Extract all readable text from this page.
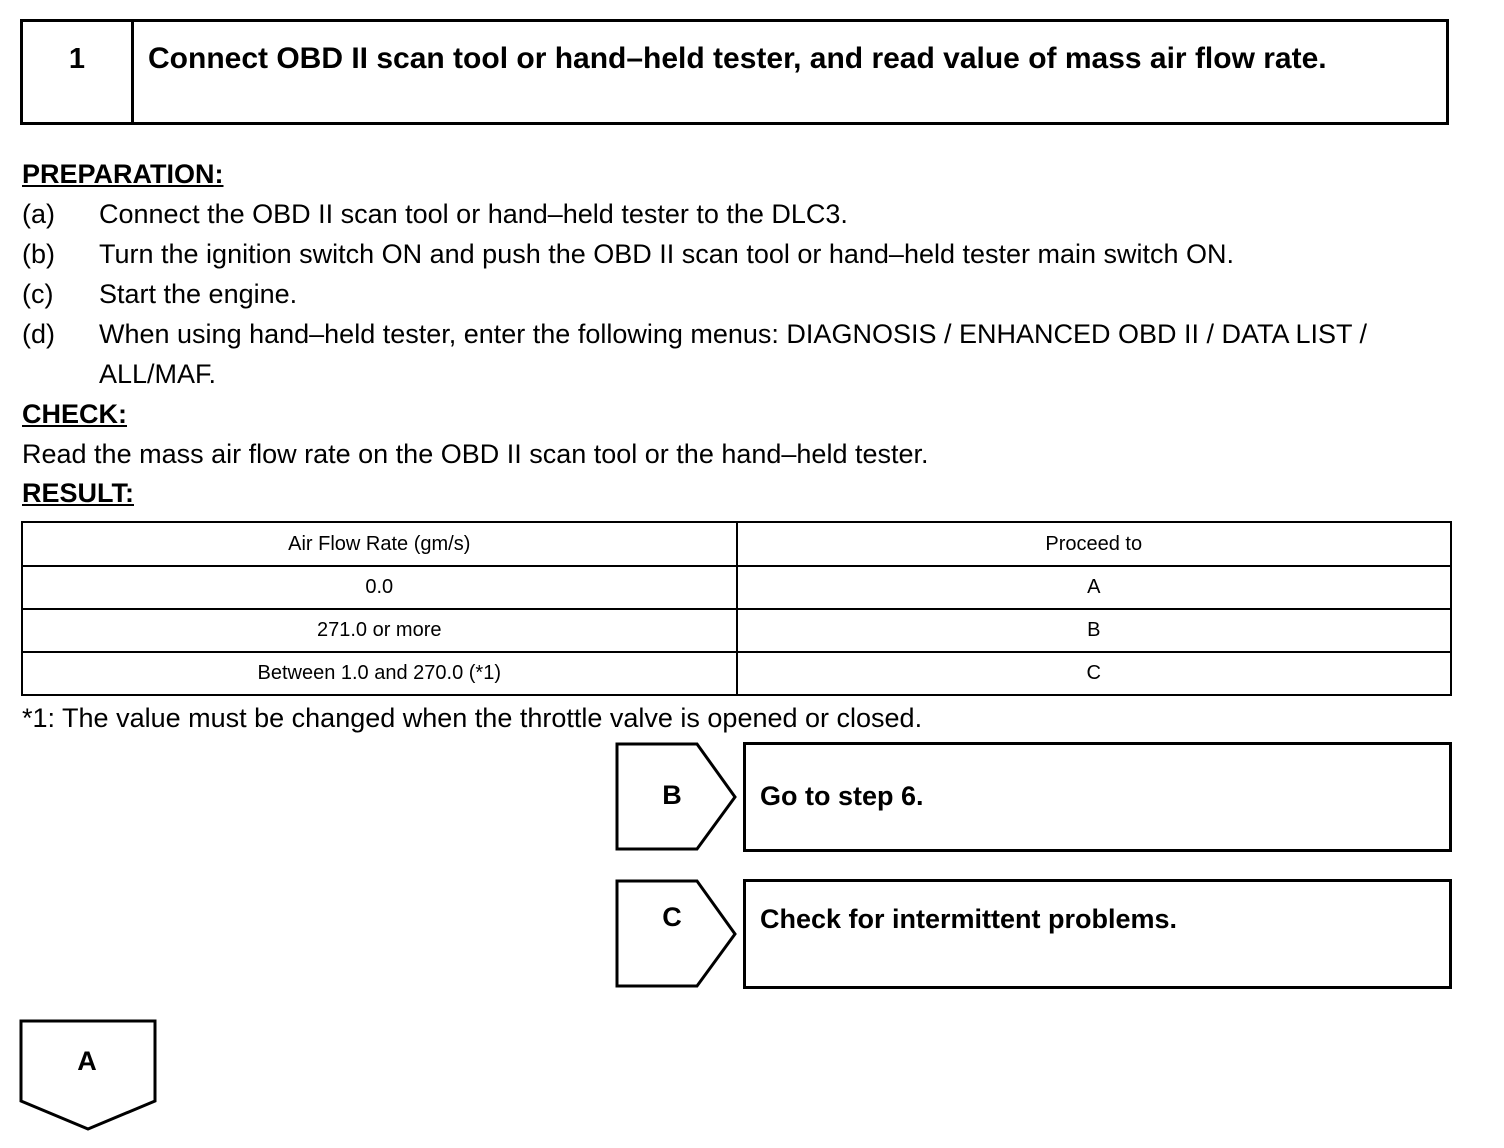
1	Connect OBD II scan tool or hand–held tester, and read value of mass air flow rate.
PREPARATION:
(a) Connect the OBD II scan tool or hand–held tester to the DLC3.
(b) Turn the ignition switch ON and push the OBD II scan tool or hand–held tester main switch ON.
(c) Start the engine.
(d) When using hand–held tester, enter the following menus: DIAGNOSIS / ENHANCED OBD II / DATA LIST / ALL/MAF.
CHECK:
Read the mass air flow rate on the OBD II scan tool or the hand–held tester.
RESULT:
Air Flow Rate (gm/s)	Proceed to
0.0	A
271.0 or more	B
Between 1.0 and 270.0 (*1)	C
*1: The value must be changed when the throttle valve is opened or closed.
B	Go to step 6.
C	Check for intermittent problems.
A
